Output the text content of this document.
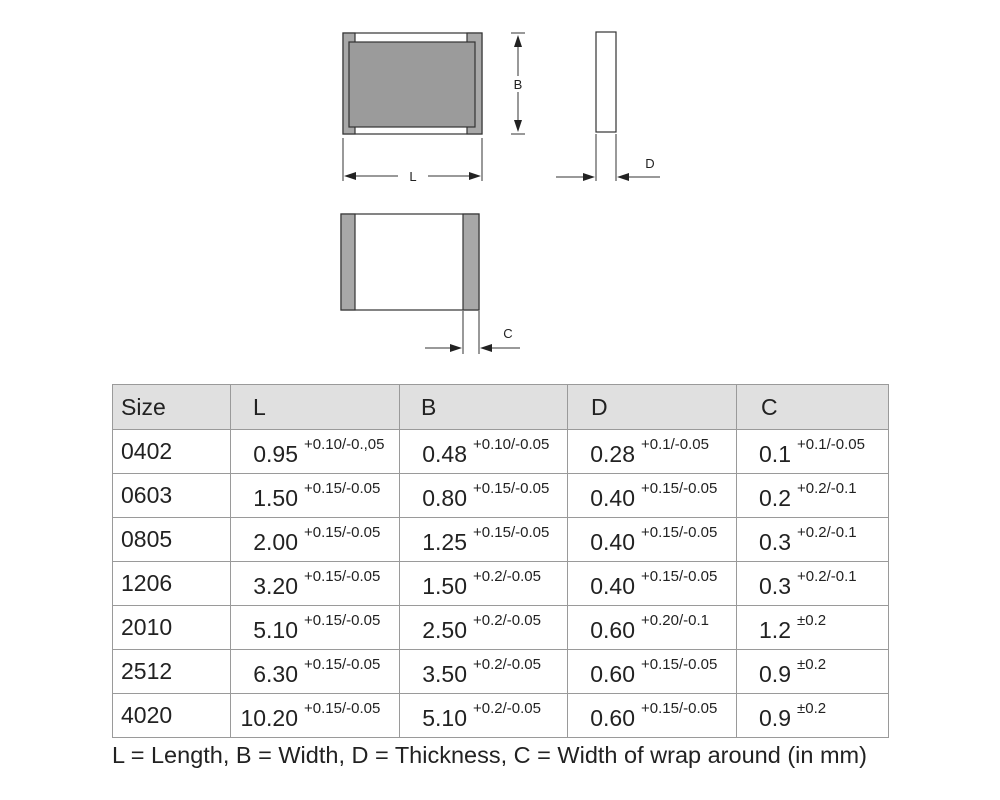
B
L
D
C
Size	L	B	D	C
0402	0.95 $^{+0.10/-0.,05}$	0.48 $^{+0.10/-0.05}$	0.28 $^{+0.1/-0.05}$	0.1 $^{+0.1/-0.05}$
0603	1.50 $^{+0.15/-0.05}$	0.80 $^{+0.15/-0.05}$	0.40 $^{+0.15/-0.05}$	0.2 $^{+0.2/-0.1}$
0805	2.00 $^{+0.15/-0.05}$	1.25 $^{+0.15/-0.05}$	0.40 $^{+0.15/-0.05}$	0.3 $^{+0.2/-0.1}$
1206	3.20 $^{+0.15/-0.05}$	1.50 $^{+0.2/-0.05}$	0.40 $^{+0.15/-0.05}$	0.3 $^{+0.2/-0.1}$
2010	5.10 $^{+0.15/-0.05}$	2.50 $^{+0.2/-0.05}$	0.60 $^{+0.20/-0.1}$	1.2 $^{\pm 0.2}$
2512	6.30 $^{+0.15/-0.05}$	3.50 $^{+0.2/-0.05}$	0.60 $^{+0.15/-0.05}$	0.9 $^{\pm 0.2}$
4020	10.20 $^{+0.15/-0.05}$	5.10 $^{+0.2/-0.05}$	0.60 $^{+0.15/-0.05}$	0.9 $^{\pm 0.2}$

L = Length, B = Width, D = Thickness, C = Width of wrap around (in mm)
